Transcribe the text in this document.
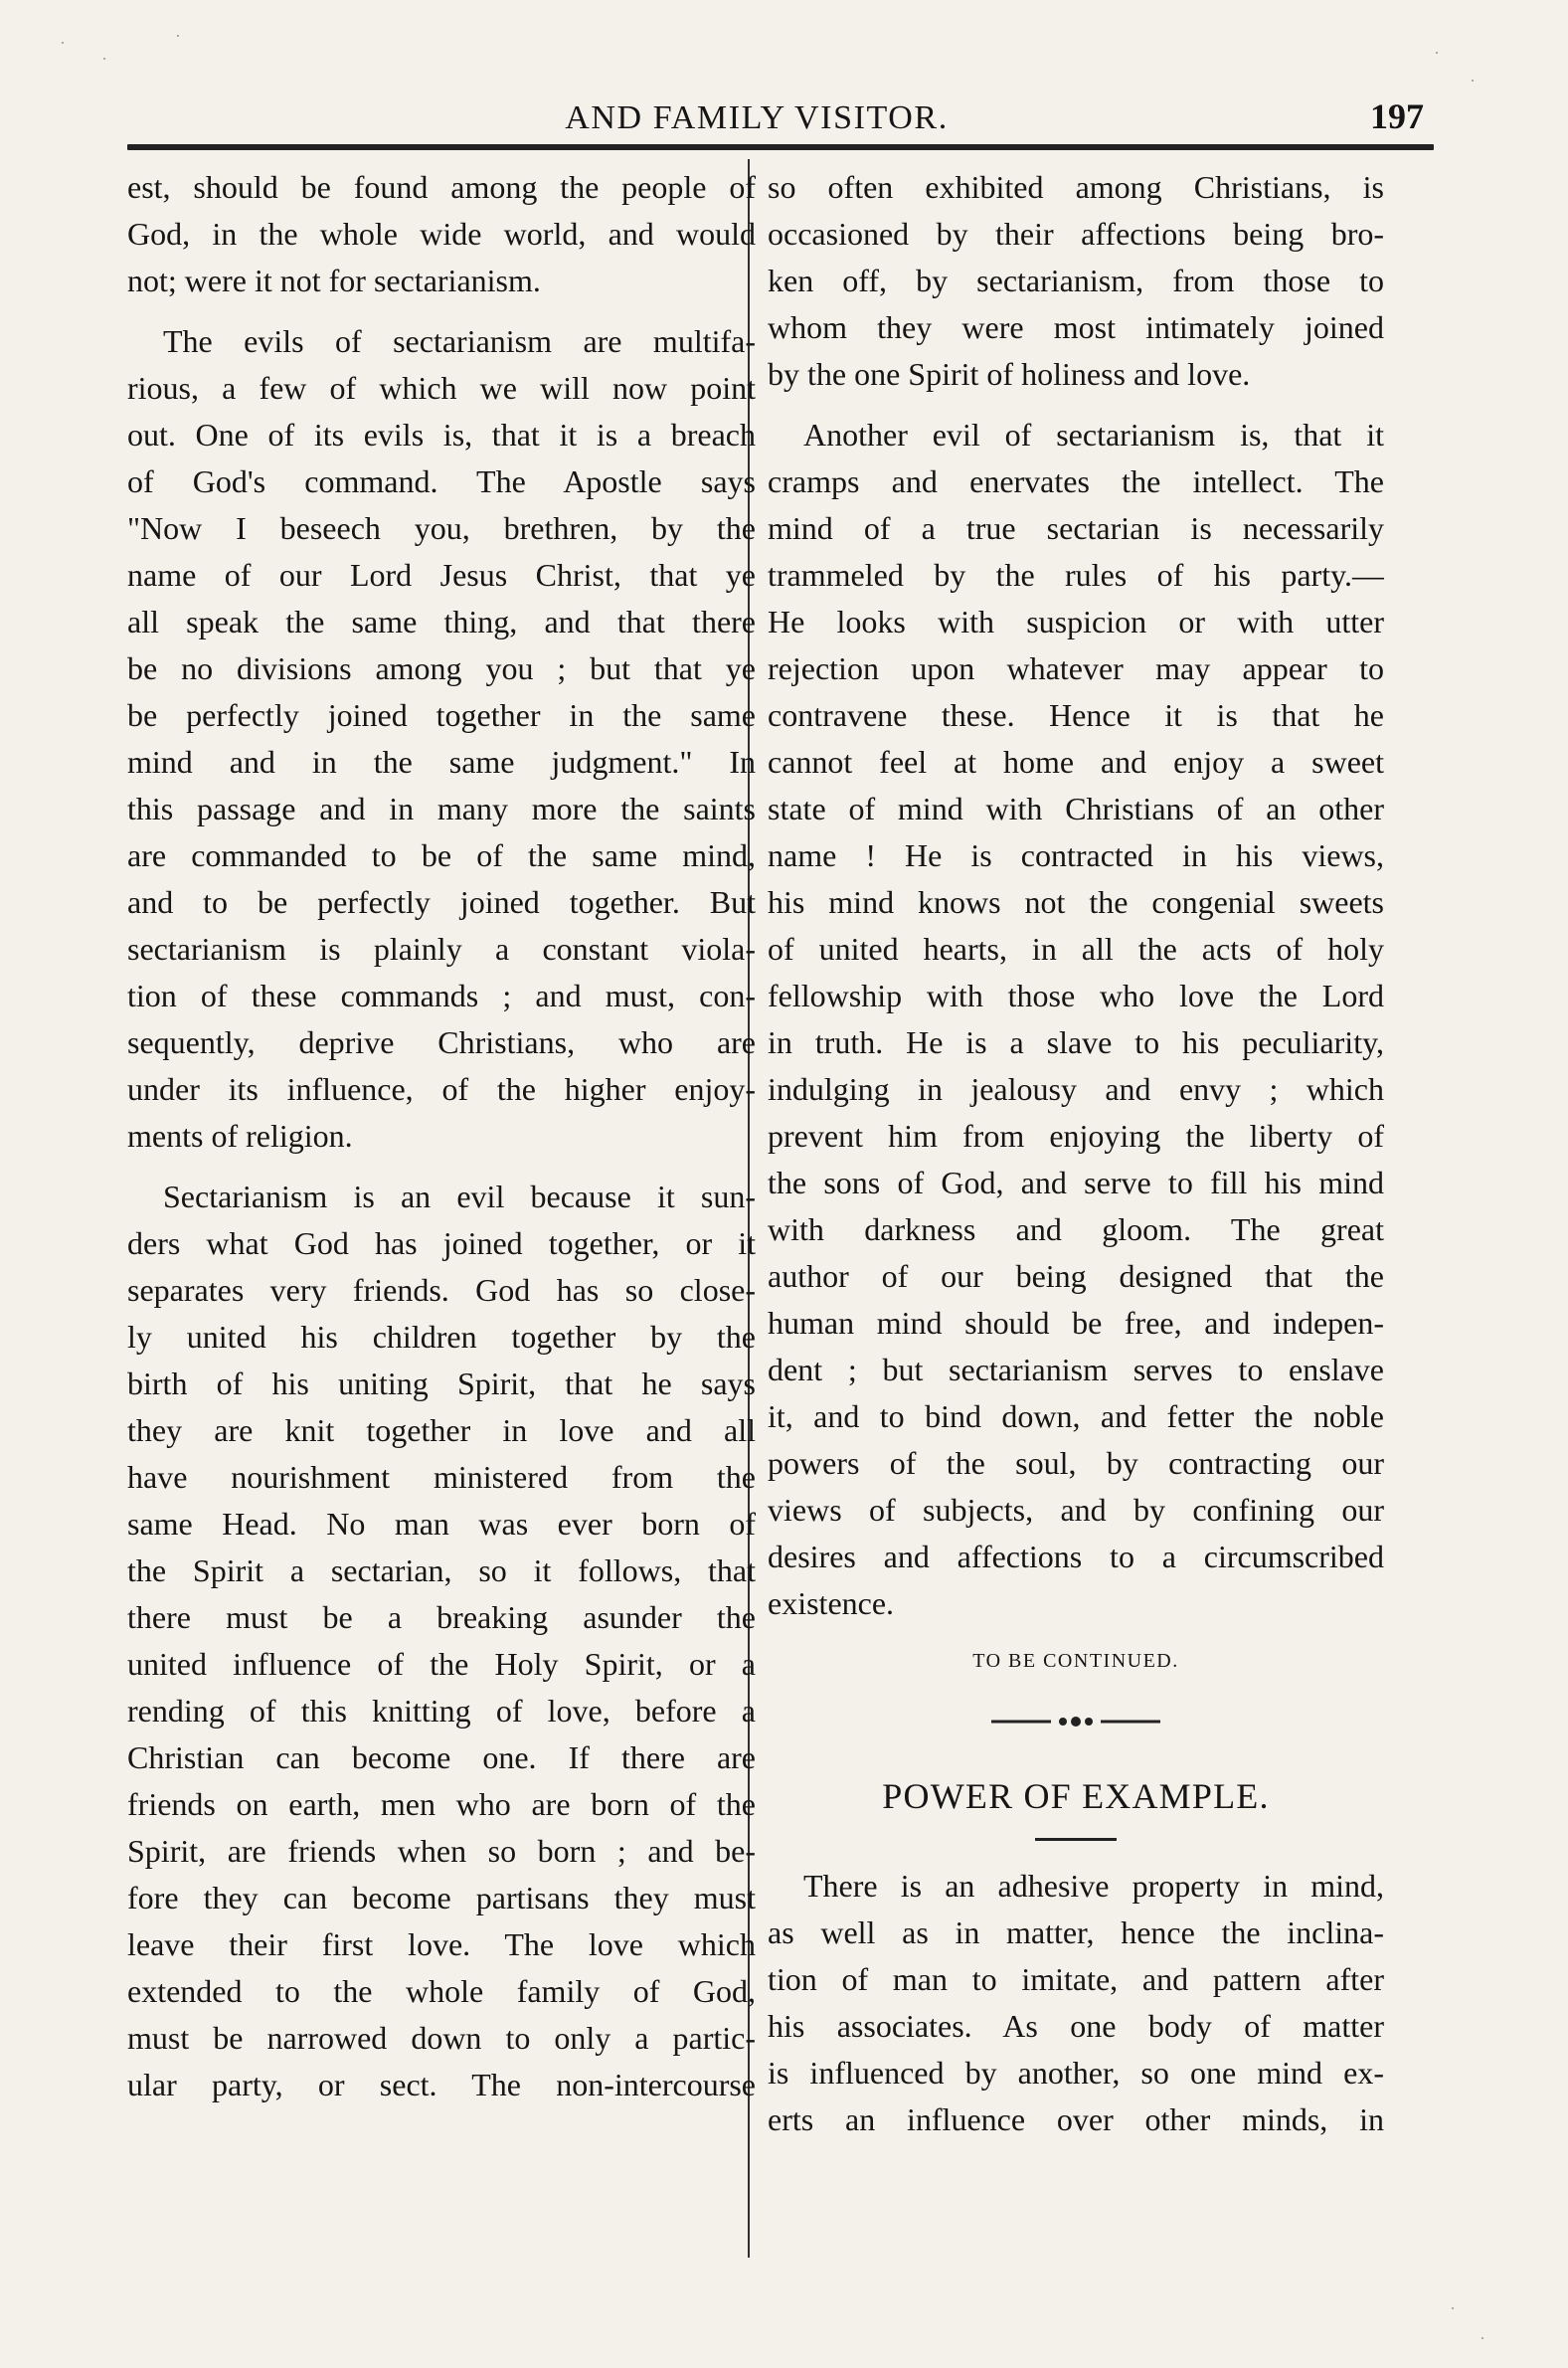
AND FAMILY VISITOR.	197
est, should be found among the people of
God, in the whole wide world, and would
not; were it not for sectarianism.
The evils of sectarianism are multifa-
rious, a few of which we will now point
out. One of its evils is, that it is a breach
of God's command. The Apostle says
"Now I beseech you, brethren, by the
name of our Lord Jesus Christ, that ye
all speak the same thing, and that there
be no divisions among you ; but that ye
be perfectly joined together in the same
mind and in the same judgment." In
this passage and in many more the saints
are commanded to be of the same mind,
and to be perfectly joined together. But
sectarianism is plainly a constant viola-
tion of these commands ; and must, con-
sequently, deprive Christians, who are
under its influence, of the higher enjoy-
ments of religion.
Sectarianism is an evil because it sun-
ders what God has joined together, or it
separates very friends. God has so close-
ly united his children together by the
birth of his uniting Spirit, that he says
they are knit together in love and all
have nourishment ministered from the
same Head. No man was ever born of
the Spirit a sectarian, so it follows, that
there must be a breaking asunder the
united influence of the Holy Spirit, or a
rending of this knitting of love, before a
Christian can become one. If there are
friends on earth, men who are born of the
Spirit, are friends when so born ; and be-
fore they can become partisans they must
leave their first love. The love which
extended to the whole family of God,
must be narrowed down to only a partic-
ular party, or sect. The non-intercourse
so often exhibited among Christians, is
occasioned by their affections being bro-
ken off, by sectarianism, from those to
whom they were most intimately joined
by the one Spirit of holiness and love.
Another evil of sectarianism is, that it
cramps and enervates the intellect. The
mind of a true sectarian is necessarily
trammeled by the rules of his party.—
He looks with suspicion or with utter
rejection upon whatever may appear to
contravene these. Hence it is that he
cannot feel at home and enjoy a sweet
state of mind with Christians of an other
name ! He is contracted in his views,
his mind knows not the congenial sweets
of united hearts, in all the acts of holy
fellowship with those who love the Lord
in truth. He is a slave to his peculiarity,
indulging in jealousy and envy ; which
prevent him from enjoying the liberty of
the sons of God, and serve to fill his mind
with darkness and gloom. The great
author of our being designed that the
human mind should be free, and indepen-
dent ; but sectarianism serves to enslave
it, and to bind down, and fetter the noble
powers of the soul, by contracting our
views of subjects, and by confining our
desires and affections to a circumscribed
existence.
TO BE CONTINUED.
POWER OF EXAMPLE.
There is an adhesive property in mind,
as well as in matter, hence the inclina-
tion of man to imitate, and pattern after
his associates. As one body of matter
is influenced by another, so one mind ex-
erts an influence over other minds, in
